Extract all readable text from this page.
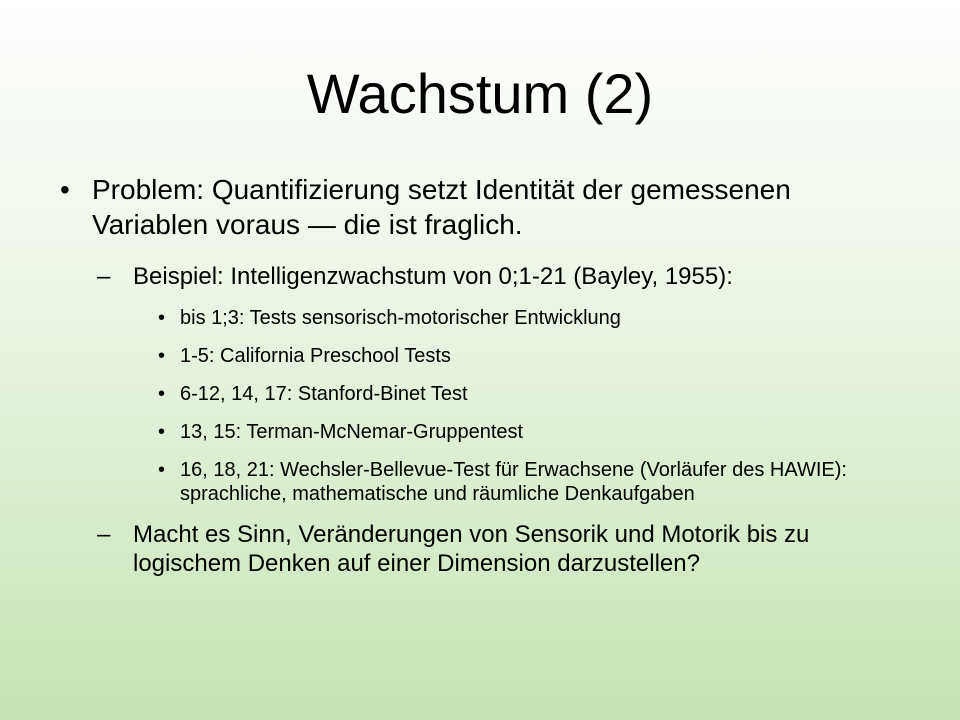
Wachstum (2)
• Problem: Quantifizierung setzt Identität der gemessenen Variablen voraus — die ist fraglich.
– Beispiel: Intelligenzwachstum von 0;1-21 (Bayley, 1955):
• bis 1;3: Tests sensorisch-motorischer Entwicklung
• 1-5: California Preschool Tests
• 6-12, 14, 17: Stanford-Binet Test
• 13, 15: Terman-McNemar-Gruppentest
• 16, 18, 21: Wechsler-Bellevue-Test für Erwachsene (Vorläufer des HAWIE): sprachliche, mathematische und räumliche Denkaufgaben
– Macht es Sinn, Veränderungen von Sensorik und Motorik bis zu logischem Denken auf einer Dimension darzustellen?
